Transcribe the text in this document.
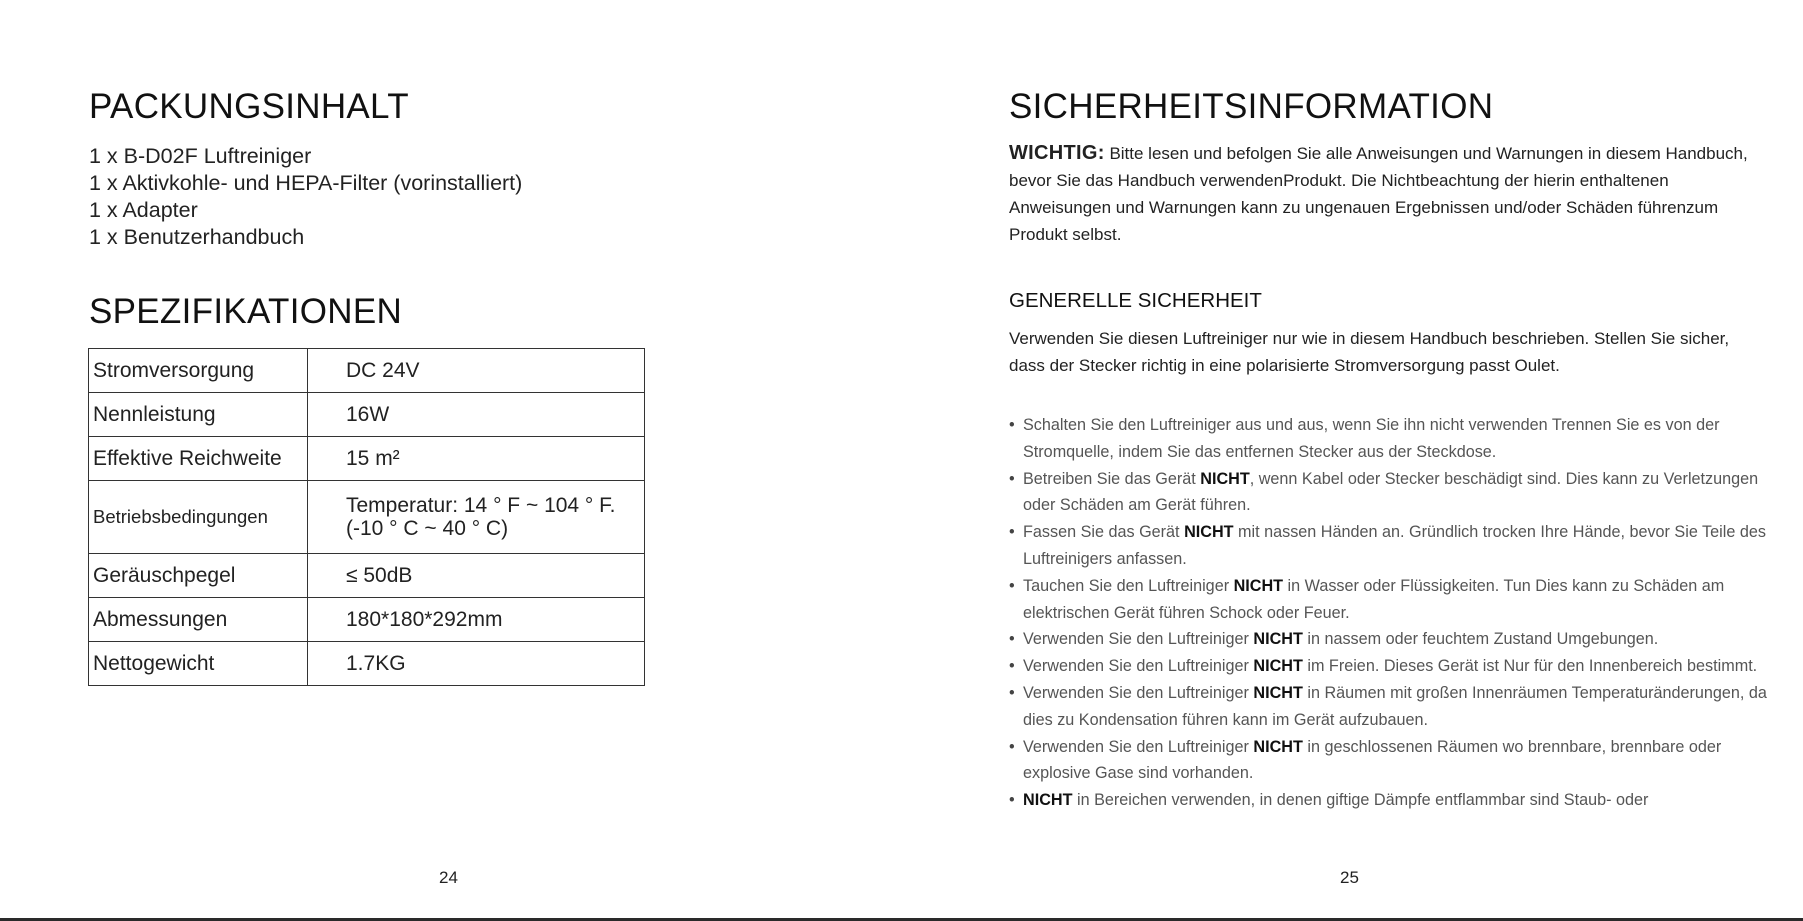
PACKUNGSINHALT
1 x B-D02F Luftreiniger
1 x Aktivkohle- und HEPA-Filter (vorinstalliert)
1 x Adapter
1 x Benutzerhandbuch
SPEZIFIKATIONEN
Stromversorgung	DC 24V
Nennleistung	16W
Effektive Reichweite	15 m²
Betriebsbedingungen	Temperatur: 14 ° F ~ 104 ° F.
(-10 ° C ~ 40 ° C)

Geräuschpegel	≤ 50dB
Abmessungen	180*180*292mm
Nettogewicht	1.7KG
24
SICHERHEITSINFORMATION

WICHTIG: Bitte lesen und befolgen Sie alle Anweisungen und Warnungen in diesem Handbuch, bevor Sie das Handbuch verwendenProdukt. Die Nichtbeachtung der hierin enthaltenen Anweisungen und Warnungen kann zu ungenauen Ergebnissen und/oder Schäden führenzum Produkt selbst.

GENERELLE SICHERHEIT

Verwenden Sie diesen Luftreiniger nur wie in diesem Handbuch beschrieben. Stellen Sie sicher, dass der Stecker richtig in eine polarisierte Stromversorgung passt Oulet.

• Schalten Sie den Luftreiniger aus und aus, wenn Sie ihn nicht verwenden Trennen Sie es von der Stromquelle, indem Sie das entfernen Stecker aus der Steckdose.
• Betreiben Sie das Gerät NICHT, wenn Kabel oder Stecker beschädigt sind. Dies kann zu Verletzungen oder Schäden am Gerät führen.
• Fassen Sie das Gerät NICHT mit nassen Händen an. Gründlich trocken Ihre Hände, bevor Sie Teile des Luftreinigers anfassen.
• Tauchen Sie den Luftreiniger NICHT in Wasser oder Flüssigkeiten. Tun Dies kann zu Schäden am elektrischen Gerät führen Schock oder Feuer.
• Verwenden Sie den Luftreiniger NICHT in nassem oder feuchtem Zustand Umgebungen.
• Verwenden Sie den Luftreiniger NICHT im Freien. Dieses Gerät ist Nur für den Innenbereich bestimmt.
• Verwenden Sie den Luftreiniger NICHT in Räumen mit großen Innenräumen Temperaturänderungen, da dies zu Kondensation führen kann im Gerät aufzubauen.
• Verwenden Sie den Luftreiniger NICHT in geschlossenen Räumen wo brennbare, brennbare oder explosive Gase sind vorhanden.
• NICHT in Bereichen verwenden, in denen giftige Dämpfe entflammbar sind Staub- oder
25
